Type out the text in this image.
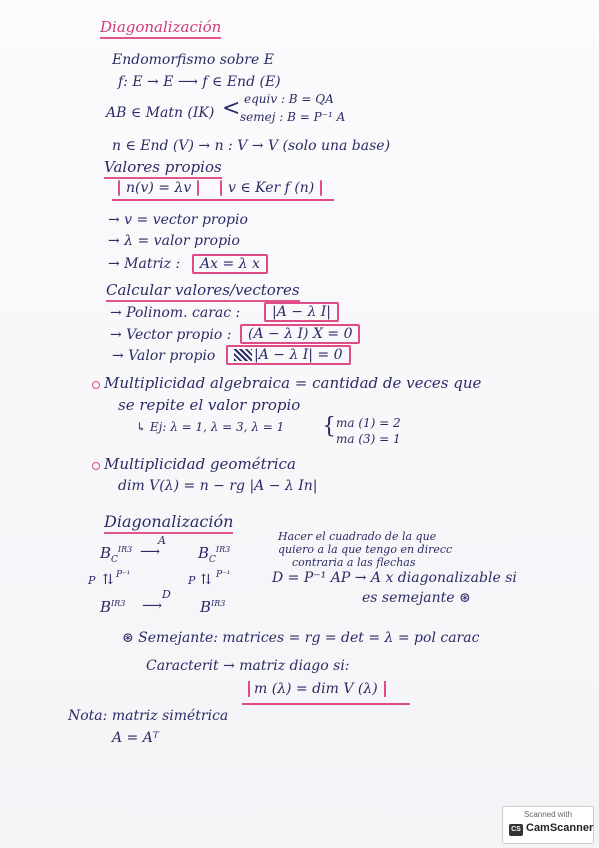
Diagonalización
Endomorfismo sobre E
f: E → E ⟶ f ∈ End (E)
AB ∈ Matn (IK) < equiv : B = QA
semej : B = P⁻¹ A
n ∈ End (V) → n : V → V (solo una base)
Valores propios
n(v) = λv	v ∈ Ker f (n)
→ v = vector propio
→ λ = valor propio
→ Matriz :	Ax = λ x
Calcular valores/vectores
→ Polinom. carac :	|A − λ I|
→ Vector propio :	(A − λ I) X = 0
→ Valor propio	|A − λ I| = 0
Multiplicidad algebraica = cantidad de veces que
se repite el valor propio
↳ Ej: λ = 1, λ = 3, λ = 1 { ma (1) = 2
ma (3) = 1
Multiplicidad geométrica
dim V(λ) = n − rg |A − λ In|
Diagonalización
$B_C^{IR3}$
A
⟶	$B_C^{IR3}$
P ⇅ P⁻¹	P ⇅ P⁻¹
$B^{IR3}$
D
⟶	$B^{IR3}$
Hacer el cuadrado de la que
quiero a la que tengo en direcc
contraria a las flechas
D = P⁻¹ AP → A x diagonalizable si
es semejante ⊛
⊛ Semejante: matrices = rg = det = λ = pol carac
Caracterit → matriz diago si:
m (λ) = dim V (λ)
Nota: matriz simétrica
A = Aᵀ
Scanned with
CS CamScanner
